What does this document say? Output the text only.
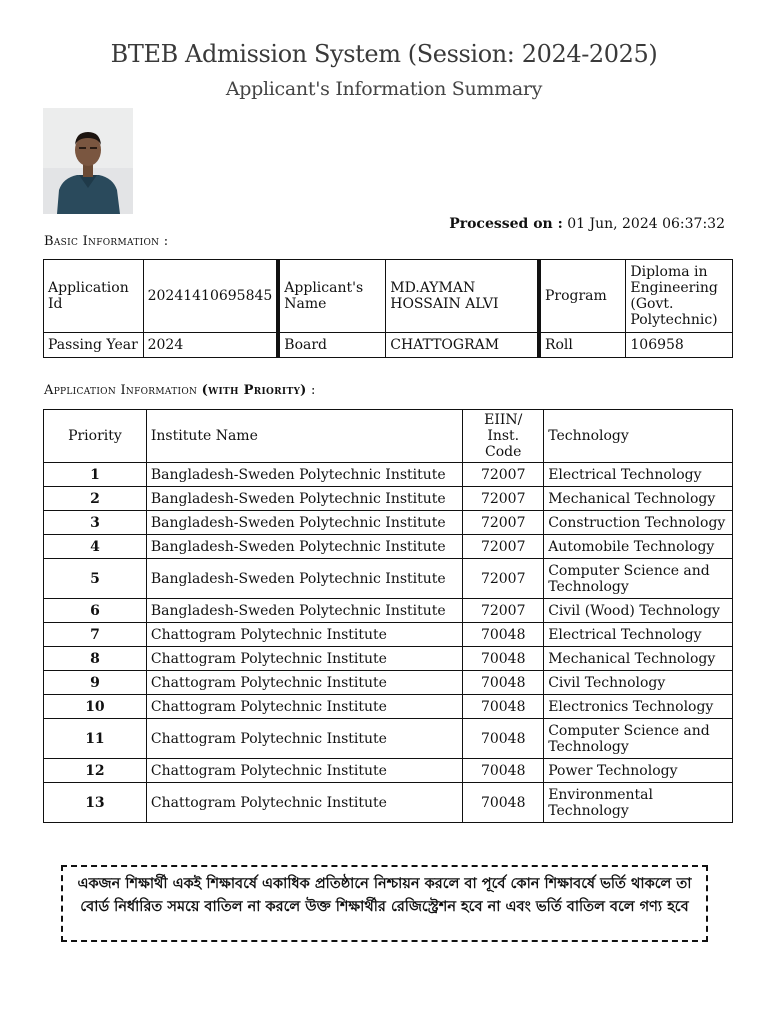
BTEB Admission System (Session: 2024-2025)
Applicant's Information Summary
Processed on : 01 Jun, 2024 06:37:32
Basic Information :
Application Id	20241410695845	Applicant's Name	MD.AYMAN HOSSAIN ALVI	Program	Diploma in Engineering (Govt. Polytechnic)
Passing Year	2024	Board	CHATTOGRAM	Roll	106958
Application Information (with Priority) :
Priority	Institute Name	EIIN/ Inst. Code	Technology
1	Bangladesh-Sweden Polytechnic Institute	72007	Electrical Technology
2	Bangladesh-Sweden Polytechnic Institute	72007	Mechanical Technology
3	Bangladesh-Sweden Polytechnic Institute	72007	Construction Technology
4	Bangladesh-Sweden Polytechnic Institute	72007	Automobile Technology
5	Bangladesh-Sweden Polytechnic Institute	72007	Computer Science and Technology
6	Bangladesh-Sweden Polytechnic Institute	72007	Civil (Wood) Technology
7	Chattogram Polytechnic Institute	70048	Electrical Technology
8	Chattogram Polytechnic Institute	70048	Mechanical Technology
9	Chattogram Polytechnic Institute	70048	Civil Technology
10	Chattogram Polytechnic Institute	70048	Electronics Technology
11	Chattogram Polytechnic Institute	70048	Computer Science and Technology
12	Chattogram Polytechnic Institute	70048	Power Technology
13	Chattogram Polytechnic Institute	70048	Environmental Technology
একজন শিক্ষার্থী একই শিক্ষাবর্ষে একাধিক প্রতিষ্ঠানে নিশ্চায়ন করলে বা পূর্বে কোন শিক্ষাবর্ষে ভর্তি থাকলে তা বোর্ড নির্ধারিত সময়ে বাতিল না করলে উক্ত শিক্ষার্থীর রেজিস্ট্রেশন হবে না এবং ভর্তি বাতিল বলে গণ্য হবে
